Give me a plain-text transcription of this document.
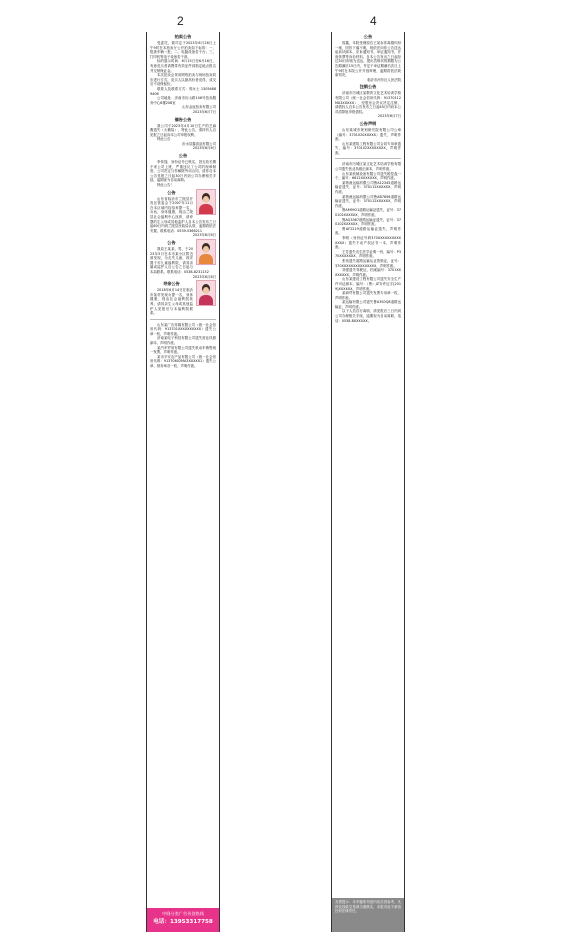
2	4
拍卖公告

受委托，我司定于2023年6月26日上午9时在本拍卖厅公开拍卖如下标的：一、报废车辆一批；二、电脑设备若干台；三、打印机等电子设备若干套。

标的展示时间：6月15日至6月16日，有意竞买者请携带有效证件到指定地点报名并交纳保证金。

本次拍卖会采用网络拍卖与现场拍卖同步进行方式，竞买人以最高价者竞得，成交后不设保留价。

联系人及联系方式：郭女士 13054689406

公司地址：济南市历山路146号拍卖服务中心6楼208室

山东金冠拍卖有限公司

2023年6月7日

催告公告

我公司于2023年4月10日生产的芝麻酱遗失（大桶装），特此公告，请持有人自见报之日起向本公司申报权利。

特此公告

沂水县鑫食品有限公司

2023年6月6日

公告

李传翔，身份证号已核实，因无故长期不来公司上班，严重违反了公司的规章制度，公司决定与你解除劳动合同，请你自本公告见报之日起30日内到公司办理相关手续，逾期视为自动离职。

特此公告！

公告

山东省临沂市兰陵县开发区管委会于2007年11月在本区域内捡拾弃婴一名，女孩，身体健康，现由兰陵县社会福利中心抚养，请弃婴的生父母或其他监护人自本公告发布之日起60日内到兰陵县民政局认领，逾期将依法安置。联系电话：0539-5366211

2023年6月8日

公告

我局王某某，男，于2023年5月在本市某小区附近被发现，为走失儿童，现安置于市儿童福利院，请其亲属或监护人自公告之日起与本局联系。联系电话：0538-8231152

2023年6月8日

寻亲公告

2018年6月14日在临沂市某村发现女婴一名，身体健康，现由社会福利院抚养，请其亲生父母或其他监护人见报后与本福利院联系。

山东某广告传媒有限公司（统一社会信用代码：913701XXXXXXXXXX）遗失公章一枚，声明作废。

济南某电子科技有限公司遗失营业执照副本，声明作废。

某汽车贸易有限公司遗失机动车销售统一发票，声明作废。

某市平安农产品有限公司（统一社会信用代码：91370602MA3XXXXX1）遗失公章、财务章各一枚，声明作废。

中缝分类广告刊登热线
电话：13953317758
公告

郭鑫，本院受理原告王某诉你离婚纠纷一案，因你下落不明，现依法向你公告送达起诉状副本、应诉通知书、举证通知书、开庭传票等诉讼材料。自本公告发出之日起经过30日即视为送达，提出答辩状的期限为公告期满后15日内，并定于举证期满后次日上午9时在本院公开开庭审理，逾期将依法缺席判决。

临沂市河东区人民法院

注销公告

济南市历城区某教育文化艺术培训学校有限公司（统一社会信用代码：91370112MA3XXXXX），经股东会决议决定注销，请债权人自本公告发布之日起45日内向本公司清算组申报债权。

2023年6月7日

公告声明

山东某城市规划研究院有限公司公章（编号：3701020XXXXX）遗失，声明作废。

山东某建筑工程有限公司合同专用章遗失，编号：370102XXXXXXXX，声明作废。

济南市历城区某文化艺术培训学校有限公司遗失营业执照正副本，声明作废。

山东某机械设备有限公司遗失税控盘一个，编号：6612XXXXXXX，声明作废。

某物流运输有限公司鲁A12345道路运输证遗失，证号：370112XXXXXX，声明作废。

某物流运输有限公司鲁AB7856道路运输证遗失，证号：370112XXXXXX，声明作废。

鲁AM9921道路运输证遗失，证号：370102XXXXXX，声明作废。

鲁AQ3367道路运输证遗失，证号：370102XXXXXX，声明作废。

鲁AF2219道路运输证遗失，声明作废。

李明（身份证号码370XXXXXXXXXXXXXX）遗失不动产权证书一本，声明作废。

王芳遗失出生医学证明一份，编号：P370XXXXXXX，声明作废。

张伟遗失道路运输从业资格证，证号：370XXXXXXXXXXXXXXX，声明作废。

刘强遗失驾驶证，档案编号：3701XXXXXXXX，声明作废。

山东某建设工程有限公司遗失安全生产许可证副本，编号：（鲁）JZ安许证字[2019]XXXXXX，声明作废。

某商贸有限公司遗失发票专用章一枚，声明作废。

某运输有限公司遗失鲁A3S0Q8道路运输证，声明作废。

以下人员自行离职，请见报后三日内到公司办理相关手续，逾期视为自动离职，电话：0538-8XXXXXX。

友情提示：本中缝所刊登内容仅供参考，凡涉及钱款交易请当面核实，本报对此不承担任何法律责任。
